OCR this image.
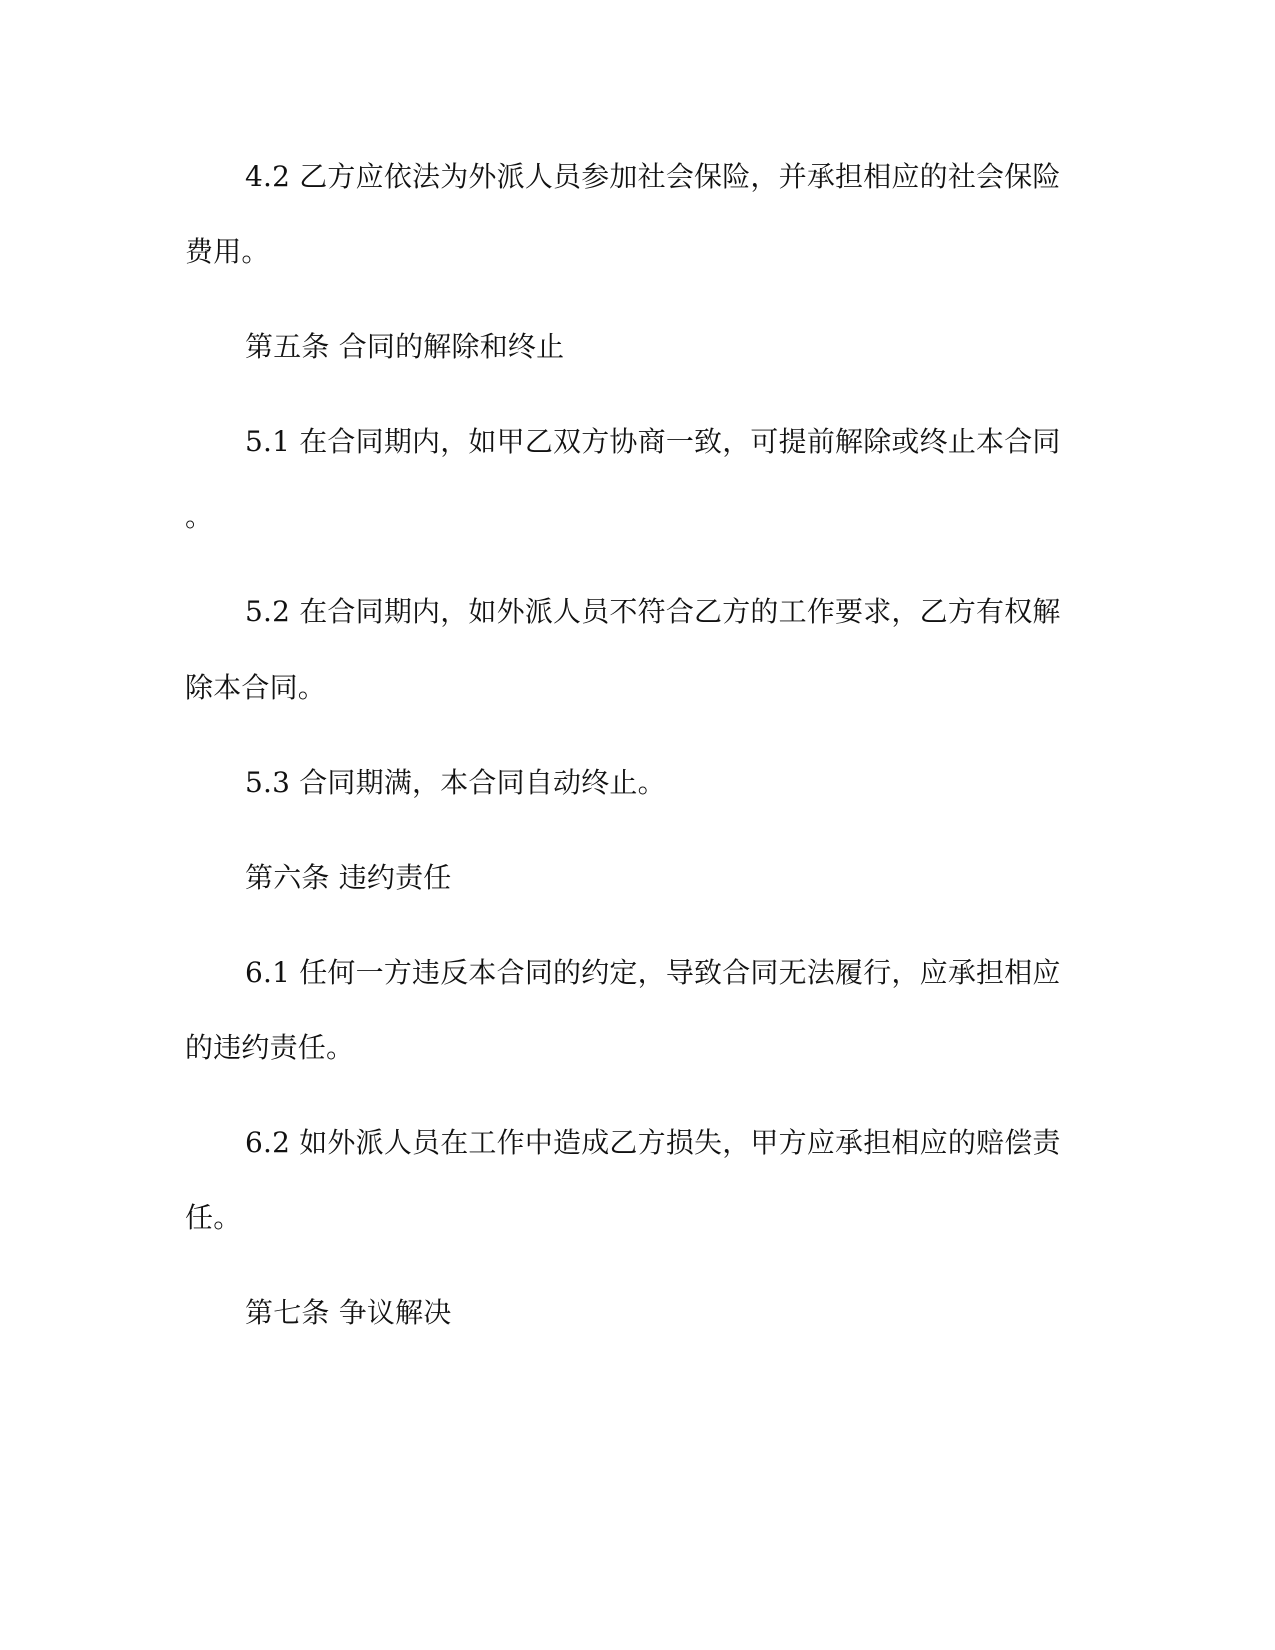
4.2 乙方应依法为外派人员参加社会保险，并承担相应的社会保险
费用。
第五条 合同的解除和终止
5.1 在合同期内，如甲乙双方协商一致，可提前解除或终止本合同
。
5.2 在合同期内，如外派人员不符合乙方的工作要求，乙方有权解
除本合同。
5.3 合同期满，本合同自动终止。
第六条 违约责任
6.1 任何一方违反本合同的约定，导致合同无法履行，应承担相应
的违约责任。
6.2 如外派人员在工作中造成乙方损失，甲方应承担相应的赔偿责
任。
第七条 争议解决
